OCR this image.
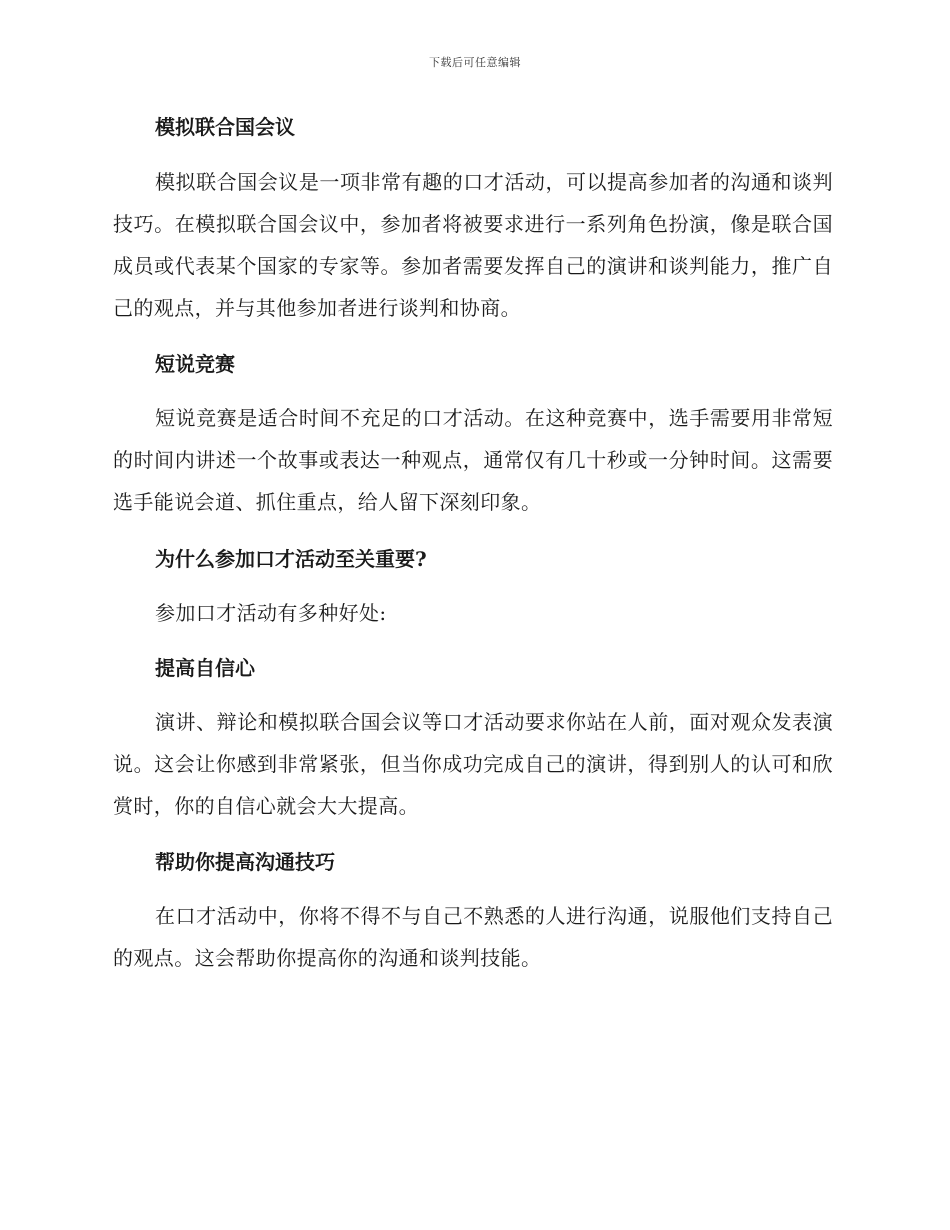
下载后可任意编辑
模拟联合国会议
模拟联合国会议是一项非常有趣的口才活动，可以提高参加者的沟通和谈判技巧。在模拟联合国会议中，参加者将被要求进行一系列角色扮演，像是联合国成员或代表某个国家的专家等。参加者需要发挥自己的演讲和谈判能力，推广自己的观点，并与其他参加者进行谈判和协商。
短说竞赛
短说竞赛是适合时间不充足的口才活动。在这种竞赛中，选手需要用非常短的时间内讲述一个故事或表达一种观点，通常仅有几十秒或一分钟时间。这需要选手能说会道、抓住重点，给人留下深刻印象。
为什么参加口才活动至关重要?
参加口才活动有多种好处:
提高自信心
演讲、辩论和模拟联合国会议等口才活动要求你站在人前，面对观众发表演说。这会让你感到非常紧张，但当你成功完成自己的演讲，得到别人的认可和欣赏时，你的自信心就会大大提高。
帮助你提高沟通技巧
在口才活动中，你将不得不与自己不熟悉的人进行沟通，说服他们支持自己的观点。这会帮助你提高你的沟通和谈判技能。
